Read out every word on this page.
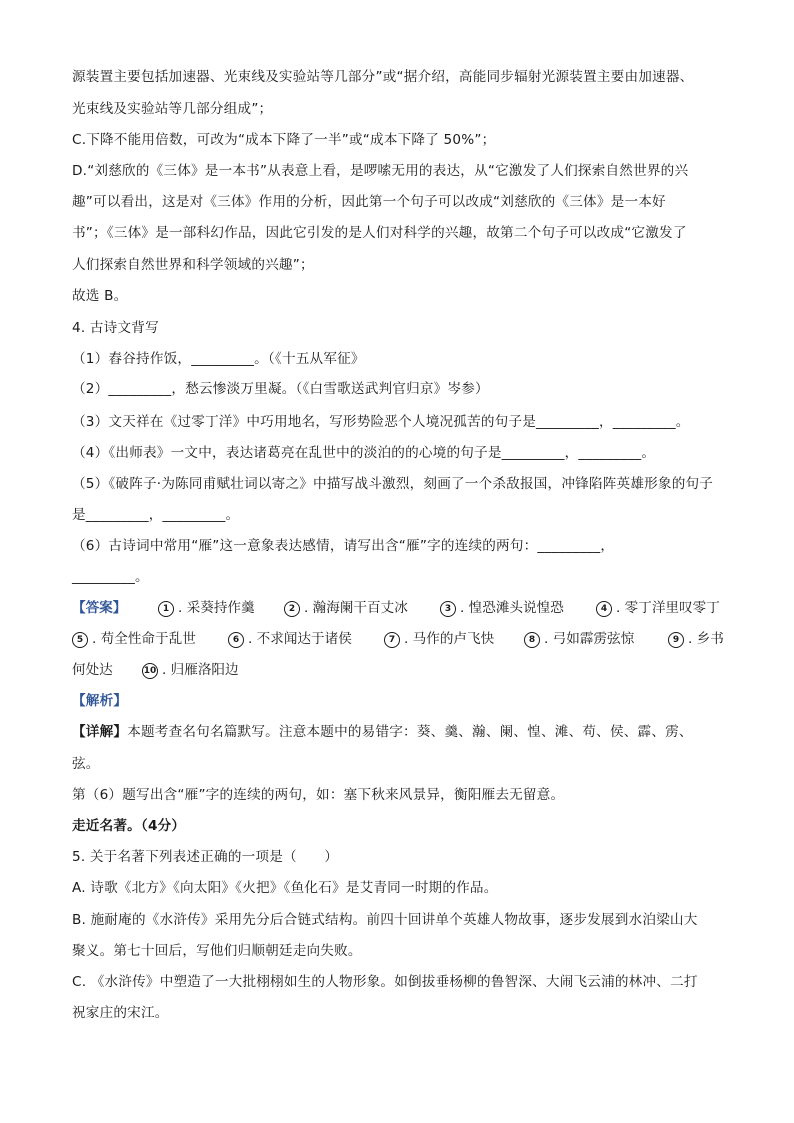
源装置主要包括加速器、光束线及实验站等几部分”或“据介绍，高能同步辐射光源装置主要由加速器、
光束线及实验站等几部分组成”；
C.下降不能用倍数，可改为“成本下降了一半”或“成本下降了 50%”；
D.“刘慈欣的《三体》是一本书”从表意上看，是啰嗦无用的表达，从“它激发了人们探索自然世界的兴
趣”可以看出，这是对《三体》作用的分析，因此第一个句子可以改成“刘慈欣的《三体》是一本好
书”；《三体》是一部科幻作品，因此它引发的是人们对科学的兴趣，故第二个句子可以改成“它激发了
人们探索自然世界和科学领域的兴趣”；
故选 B。
4. 古诗文背写
（1）舂谷持作饭，_________。（《十五从军征》
（2）_________，愁云惨淡万里凝。（《白雪歌送武判官归京》岑参）
（3）文天祥在《过零丁洋》中巧用地名，写形势险恶个人境况孤苦的句子是_________，_________。
（4）《出师表》一文中，表达诸葛亮在乱世中的淡泊的的心境的句子是_________，_________。
（5）《破阵子·为陈同甫赋壮词以寄之》中描写战斗激烈，刻画了一个杀敌报国，冲锋陷阵英雄形象的句子
是_________，_________。
（6）古诗词中常用“雁”这一意象表达感情，请写出含“雁”字的连续的两句：_________，
_________。
【答案】	1 . 采葵持作羹	2 . 瀚海阑干百丈冰	3 . 惶恐滩头说惶恐	4 . 零丁洋里叹零丁
5 . 苟全性命于乱世	6 . 不求闻达于诸侯	7 . 马作的卢飞快	8 . 弓如霹雳弦惊	9 . 乡书
何处达	10 . 归雁洛阳边
【解析】
【详解】本题考查名句名篇默写。注意本题中的易错字：葵、羹、瀚、阑、惶、滩、苟、侯、霹、雳、
弦。
第（6）题写出含“雁”字的连续的两句，如：塞下秋来风景异，衡阳雁去无留意。
走近名著。（4分）
5. 关于名著下列表述正确的一项是（　　）
A. 诗歌《北方》《向太阳》《火把》《鱼化石》是艾青同一时期的作品。
B. 施耐庵的《水浒传》采用先分后合链式结构。前四十回讲单个英雄人物故事，逐步发展到水泊梁山大
聚义。第七十回后，写他们归顺朝廷走向失败。
C. 《水浒传》中塑造了一大批栩栩如生的人物形象。如倒拔垂杨柳的鲁智深、大闹飞云浦的林冲、二打
祝家庄的宋江。
